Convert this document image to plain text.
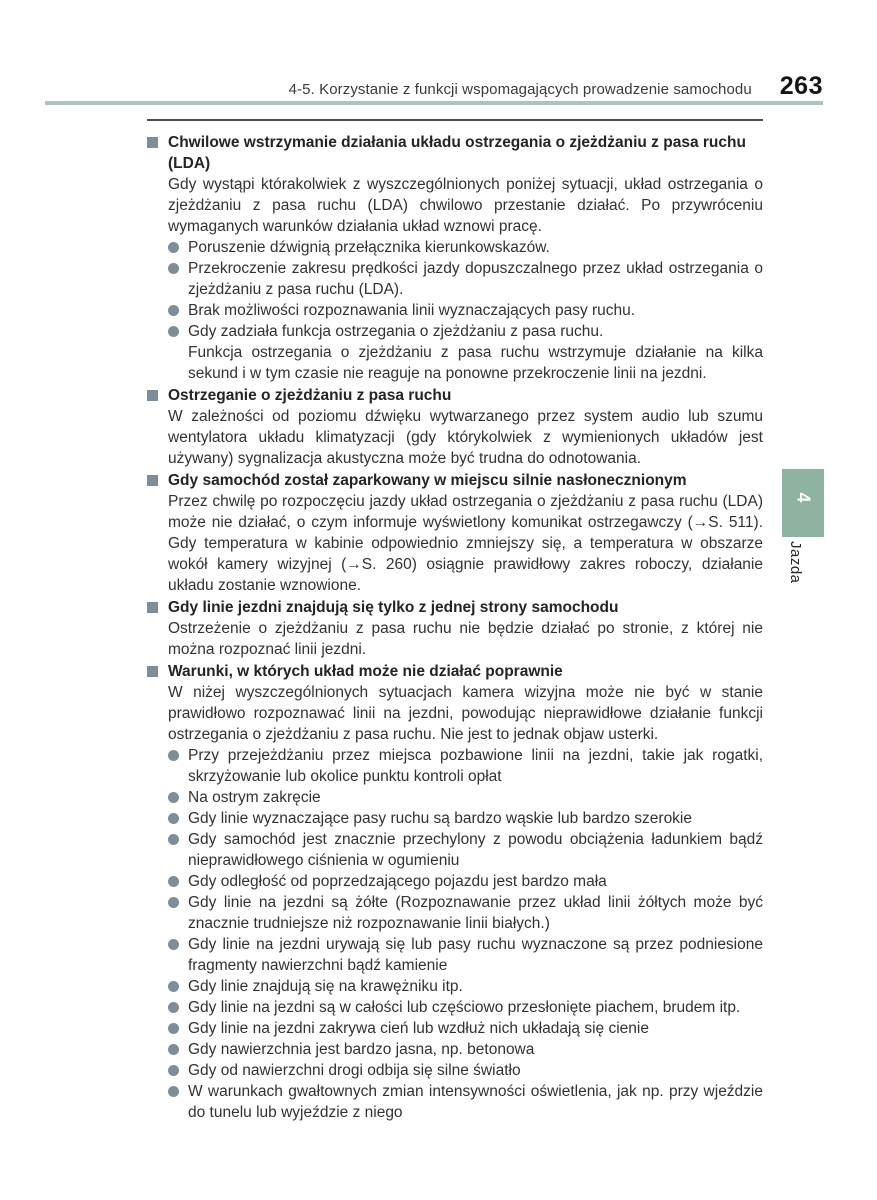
4-5. Korzystanie z funkcji wspomagających prowadzenie samochodu 263
Chwilowe wstrzymanie działania układu ostrzegania o zjeżdżaniu z pasa ruchu (LDA)

Gdy wystąpi którakolwiek z wyszczególnionych poniżej sytuacji, układ ostrzegania o zjeżdżaniu z pasa ruchu (LDA) chwilowo przestanie działać. Po przywróceniu wymaganych warunków działania układ wznowi pracę.

Poruszenie dźwignią przełącznika kierunkowskazów.
Przekroczenie zakresu prędkości jazdy dopuszczalnego przez układ ostrzegania o zjeżdżaniu z pasa ruchu (LDA).
Brak możliwości rozpoznawania linii wyznaczających pasy ruchu.
Gdy zadziała funkcja ostrzegania o zjeżdżaniu z pasa ruchu.
Funkcja ostrzegania o zjeżdżaniu z pasa ruchu wstrzymuje działanie na kilka sekund i w tym czasie nie reaguje na ponowne przekroczenie linii na jezdni.
Ostrzeganie o zjeżdżaniu z pasa ruchu

W zależności od poziomu dźwięku wytwarzanego przez system audio lub szumu wentylatora układu klimatyzacji (gdy którykolwiek z wymienionych układów jest używany) sygnalizacja akustyczna może być trudna do odnotowania.

Gdy samochód został zaparkowany w miejscu silnie nasłonecznionym

Przez chwilę po rozpoczęciu jazdy układ ostrzegania o zjeżdżaniu z pasa ruchu (LDA) może nie działać, o czym informuje wyświetlony komunikat ostrzegawczy (→S. 511). Gdy temperatura w kabinie odpowiednio zmniejszy się, a temperatura w obszarze wokół kamery wizyjnej (→S. 260) osiągnie prawidłowy zakres roboczy, działanie układu zostanie wznowione.

Gdy linie jezdni znajdują się tylko z jednej strony samochodu

Ostrzeżenie o zjeżdżaniu z pasa ruchu nie będzie działać po stronie, z której nie można rozpoznać linii jezdni.

Warunki, w których układ może nie działać poprawnie

W niżej wyszczególnionych sytuacjach kamera wizyjna może nie być w stanie prawidłowo rozpoznawać linii na jezdni, powodując nieprawidłowe działanie funkcji ostrzegania o zjeżdżaniu z pasa ruchu. Nie jest to jednak objaw usterki.

Przy przejeżdżaniu przez miejsca pozbawione linii na jezdni, takie jak rogatki, skrzyżowanie lub okolice punktu kontroli opłat
Na ostrym zakręcie
Gdy linie wyznaczające pasy ruchu są bardzo wąskie lub bardzo szerokie
Gdy samochód jest znacznie przechylony z powodu obciążenia ładunkiem bądź nieprawidłowego ciśnienia w ogumieniu
Gdy odległość od poprzedzającego pojazdu jest bardzo mała
Gdy linie na jezdni są żółte (Rozpoznawanie przez układ linii żółtych może być znacznie trudniejsze niż rozpoznawanie linii białych.)
Gdy linie na jezdni urywają się lub pasy ruchu wyznaczone są przez podniesione fragmenty nawierzchni bądź kamienie
Gdy linie znajdują się na krawężniku itp.
Gdy linie na jezdni są w całości lub częściowo przesłonięte piachem, brudem itp.
Gdy linie na jezdni zakrywa cień lub wzdłuż nich układają się cienie
Gdy nawierzchnia jest bardzo jasna, np. betonowa
Gdy od nawierzchni drogi odbija się silne światło
W warunkach gwałtownych zmian intensywności oświetlenia, jak np. przy wjeździe do tunelu lub wyjeździe z niego
4
Jazda
